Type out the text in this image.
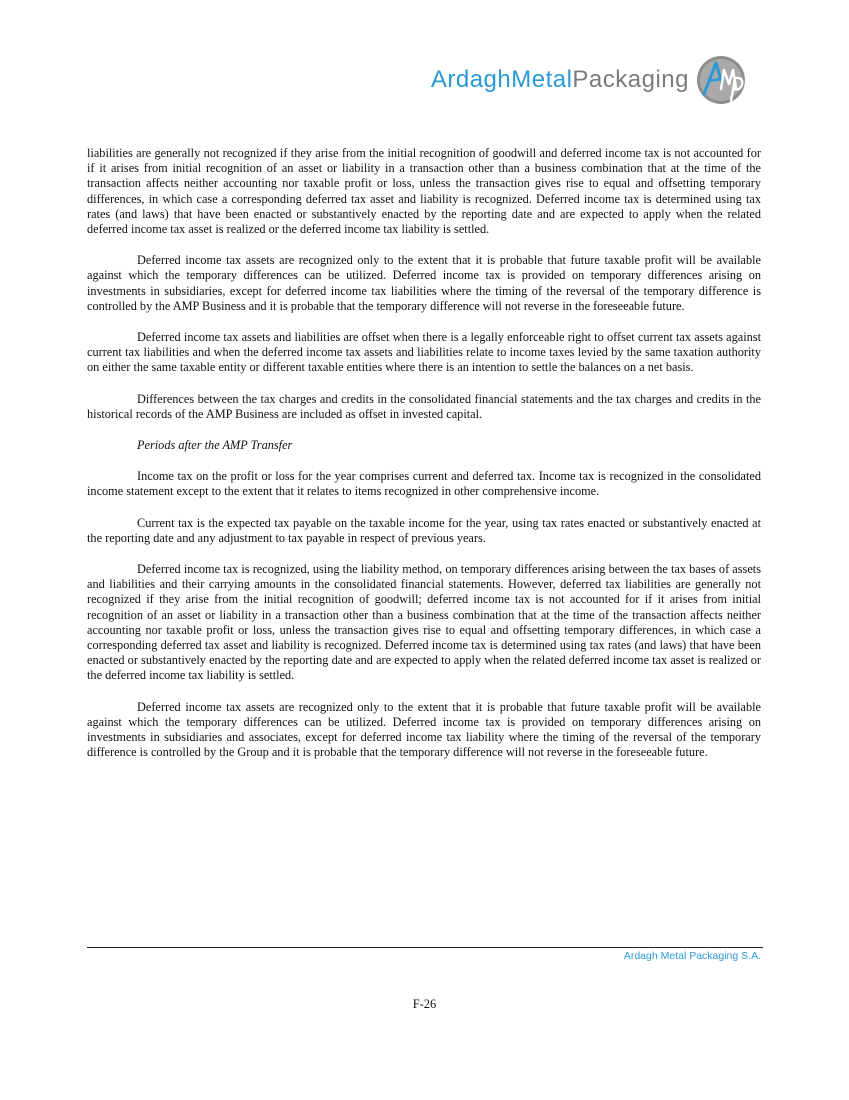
ArdaghMetalPackaging

liabilities are generally not recognized if they arise from the initial recognition of goodwill and deferred income tax is not accounted for if it arises from initial recognition of an asset or liability in a transaction other than a business combination that at the time of the transaction affects neither accounting nor taxable profit or loss, unless the transaction gives rise to equal and offsetting temporary differences, in which case a corresponding deferred tax asset and liability is recognized. Deferred income tax is determined using tax rates (and laws) that have been enacted or substantively enacted by the reporting date and are expected to apply when the related deferred income tax asset is realized or the deferred income tax liability is settled.

Deferred income tax assets are recognized only to the extent that it is probable that future taxable profit will be available against which the temporary differences can be utilized. Deferred income tax is provided on temporary differences arising on investments in subsidiaries, except for deferred income tax liabilities where the timing of the reversal of the temporary difference is controlled by the AMP Business and it is probable that the temporary difference will not reverse in the foreseeable future.

Deferred income tax assets and liabilities are offset when there is a legally enforceable right to offset current tax assets against current tax liabilities and when the deferred income tax assets and liabilities relate to income taxes levied by the same taxation authority on either the same taxable entity or different taxable entities where there is an intention to settle the balances on a net basis.

Differences between the tax charges and credits in the consolidated financial statements and the tax charges and credits in the historical records of the AMP Business are included as offset in invested capital.

Periods after the AMP Transfer

Income tax on the profit or loss for the year comprises current and deferred tax. Income tax is recognized in the consolidated income statement except to the extent that it relates to items recognized in other comprehensive income.

Current tax is the expected tax payable on the taxable income for the year, using tax rates enacted or substantively enacted at the reporting date and any adjustment to tax payable in respect of previous years.

Deferred income tax is recognized, using the liability method, on temporary differences arising between the tax bases of assets and liabilities and their carrying amounts in the consolidated financial statements. However, deferred tax liabilities are generally not recognized if they arise from the initial recognition of goodwill; deferred income tax is not accounted for if it arises from initial recognition of an asset or liability in a transaction other than a business combination that at the time of the transaction affects neither accounting nor taxable profit or loss, unless the transaction gives rise to equal and offsetting temporary differences, in which case a corresponding deferred tax asset and liability is recognized. Deferred income tax is determined using tax rates (and laws) that have been enacted or substantively enacted by the reporting date and are expected to apply when the related deferred income tax asset is realized or the deferred income tax liability is settled.

Deferred income tax assets are recognized only to the extent that it is probable that future taxable profit will be available against which the temporary differences can be utilized. Deferred income tax is provided on temporary differences arising on investments in subsidiaries and associates, except for deferred income tax liability where the timing of the reversal of the temporary difference is controlled by the Group and it is probable that the temporary difference will not reverse in the foreseeable future.

Ardagh Metal Packaging S.A.
F-26
